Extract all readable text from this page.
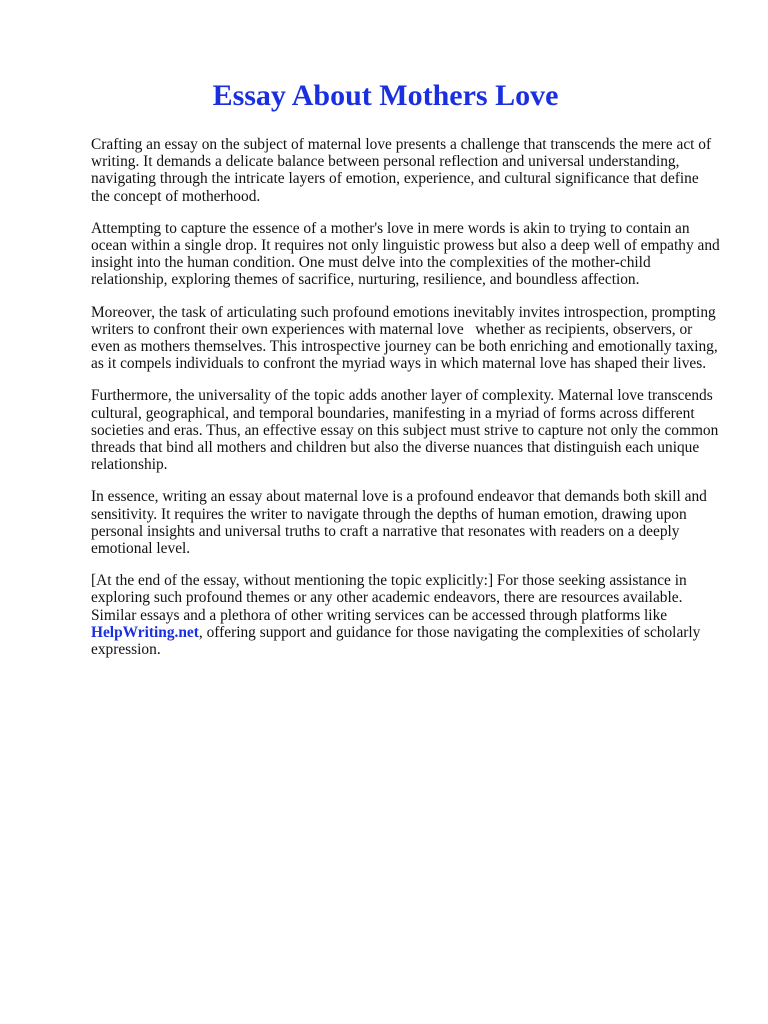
Essay About Mothers Love

Crafting an essay on the subject of maternal love presents a challenge that transcends the mere act of writing. It demands a delicate balance between personal reflection and universal understanding, navigating through the intricate layers of emotion, experience, and cultural significance that define the concept of motherhood.

Attempting to capture the essence of a mother's love in mere words is akin to trying to contain an ocean within a single drop. It requires not only linguistic prowess but also a deep well of empathy and insight into the human condition. One must delve into the complexities of the mother-child relationship, exploring themes of sacrifice, nurturing, resilience, and boundless affection.

Moreover, the task of articulating such profound emotions inevitably invites introspection, prompting writers to confront their own experiences with maternal love   whether as recipients, observers, or even as mothers themselves. This introspective journey can be both enriching and emotionally taxing, as it compels individuals to confront the myriad ways in which maternal love has shaped their lives.

Furthermore, the universality of the topic adds another layer of complexity. Maternal love transcends cultural, geographical, and temporal boundaries, manifesting in a myriad of forms across different societies and eras. Thus, an effective essay on this subject must strive to capture not only the common threads that bind all mothers and children but also the diverse nuances that distinguish each unique relationship.

In essence, writing an essay about maternal love is a profound endeavor that demands both skill and sensitivity. It requires the writer to navigate through the depths of human emotion, drawing upon personal insights and universal truths to craft a narrative that resonates with readers on a deeply emotional level.

[At the end of the essay, without mentioning the topic explicitly:] For those seeking assistance in exploring such profound themes or any other academic endeavors, there are resources available. Similar essays and a plethora of other writing services can be accessed through platforms like HelpWriting.net, offering support and guidance for those navigating the complexities of scholarly expression.
